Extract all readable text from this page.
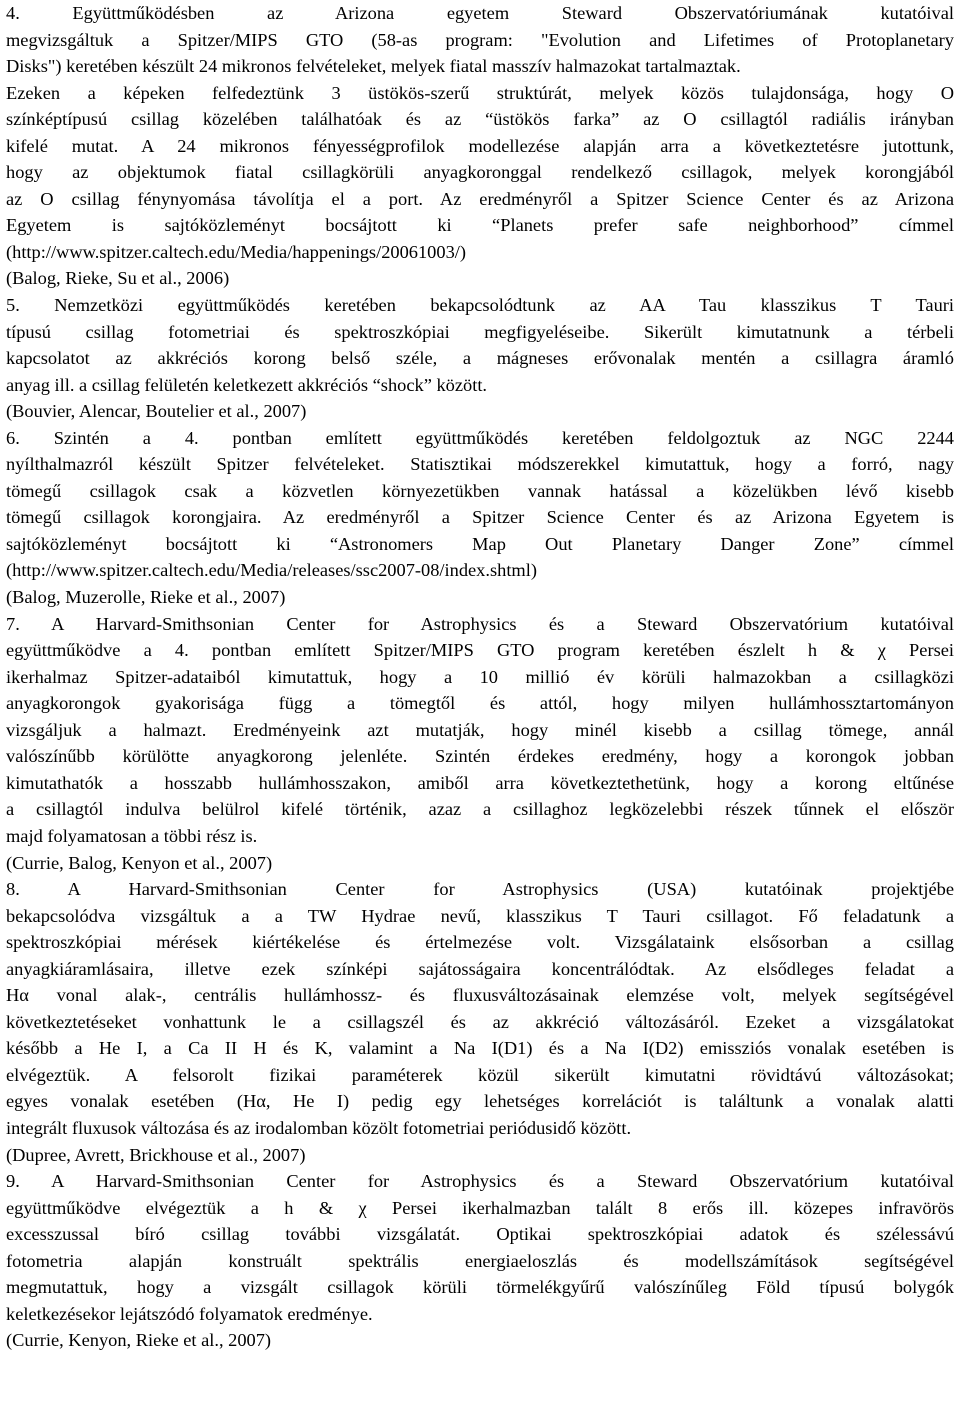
4. Együttműködésben az Arizona egyetem Steward Obszervatóriumának kutatóival
megvizsgáltuk a Spitzer/MIPS GTO (58-as program: "Evolution and Lifetimes of Protoplanetary
Disks") keretében készült 24 mikronos felvételeket, melyek fiatal masszív halmazokat tartalmaztak.
Ezeken a képeken felfedeztünk 3 üstökös-szerű struktúrát, melyek közös tulajdonsága, hogy O
színképtípusú csillag közelében találhatóak és az “üstökös farka” az O csillagtól radiális irányban
kifelé mutat. A 24 mikronos fényességprofilok modellezése alapján arra a következtetésre jutottunk,
hogy az objektumok fiatal csillagkörüli anyagkoronggal rendelkező csillagok, melyek korongjából
az O csillag fénynyomása távolítja el a port. Az eredményről a Spitzer Science Center és az Arizona
Egyetem is sajtóközleményt bocsájtott ki “Planets prefer safe neighborhood” címmel
(http://www.spitzer.caltech.edu/Media/happenings/20061003/)
(Balog, Rieke, Su et al., 2006)
5. Nemzetközi együttműködés keretében bekapcsolódtunk az AA Tau klasszikus T Tauri
típusú csillag fotometriai és spektroszkópiai megfigyeléseibe. Sikerült kimutatnunk a térbeli
kapcsolatot az akkréciós korong belső széle, a mágneses erővonalak mentén a csillagra áramló
anyag ill. a csillag felületén keletkezett akkréciós “shock” között.
(Bouvier, Alencar, Boutelier et al., 2007)
6. Szintén a 4. pontban említett együttműködés keretében feldolgoztuk az NGC 2244
nyílthalmazról készült Spitzer felvételeket. Statisztikai módszerekkel kimutattuk, hogy a forró, nagy
tömegű csillagok csak a közvetlen környezetükben vannak hatással a közelükben lévő kisebb
tömegű csillagok korongjaira. Az eredményről a Spitzer Science Center és az Arizona Egyetem is
sajtóközleményt bocsájtott ki “Astronomers Map Out Planetary Danger Zone” címmel
(http://www.spitzer.caltech.edu/Media/releases/ssc2007-08/index.shtml)
(Balog, Muzerolle, Rieke et al., 2007)
7. A Harvard-Smithsonian Center for Astrophysics és a Steward Obszervatórium kutatóival
együttműködve a 4. pontban említett Spitzer/MIPS GTO program keretében észlelt h & χ Persei
ikerhalmaz Spitzer-adataiból kimutattuk, hogy a 10 millió év körüli halmazokban a csillagközi
anyagkorongok gyakorisága függ a tömegtől és attól, hogy milyen hullámhossztartományon
vizsgáljuk a halmazt. Eredményeink azt mutatják, hogy minél kisebb a csillag tömege, annál
valószínűbb körülötte anyagkorong jelenléte. Szintén érdekes eredmény, hogy a korongok jobban
kimutathatók a hosszabb hullámhosszakon, amiből arra következtethetünk, hogy a korong eltűnése
a csillagtól indulva belülrol kifelé történik, azaz a csillaghoz legközelebbi részek tűnnek el először
majd folyamatosan a többi rész is.
(Currie, Balog, Kenyon et al., 2007)
8. A Harvard-Smithsonian Center for Astrophysics (USA) kutatóinak projektjébe
bekapcsolódva vizsgáltuk a a TW Hydrae nevű, klasszikus T Tauri csillagot. Fő feladatunk a
spektroszkópiai mérések kiértékelése és értelmezése volt. Vizsgálataink elsősorban a csillag
anyagkiáramlásaira, illetve ezek színképi sajátosságaira koncentrálódtak. Az elsődleges feladat a
Hα vonal alak-, centrális hullámhossz- és fluxusváltozásainak elemzése volt, melyek segítségével
következtetéseket vonhattunk le a csillagszél és az akkréció változásáról. Ezeket a vizsgálatokat
később a He I, a Ca II H és K, valamint a Na I(D1) és a Na I(D2) emissziós vonalak esetében is
elvégeztük. A felsorolt fizikai paraméterek közül sikerült kimutatni rövidtávú változásokat;
egyes vonalak esetében (Hα, He I) pedig egy lehetséges korrelációt is találtunk a vonalak alatti
integrált fluxusok változása és az irodalomban közölt fotometriai periódusidő között.
(Dupree, Avrett, Brickhouse et al., 2007)
9. A Harvard-Smithsonian Center for Astrophysics és a Steward Obszervatórium kutatóival
együttműködve elvégeztük a h & χ Persei ikerhalmazban talált 8 erős ill. közepes infravörös
excesszussal bíró csillag további vizsgálatát. Optikai spektroszkópiai adatok és szélessávú
fotometria alapján konstruált spektrális energiaeloszlás és modellszámítások segítségével
megmutattuk, hogy a vizsgált csillagok körüli törmelékgyűrű valószínűleg Föld típusú bolygók
keletkezésekor lejátszódó folyamatok eredménye.
(Currie, Kenyon, Rieke et al., 2007)
